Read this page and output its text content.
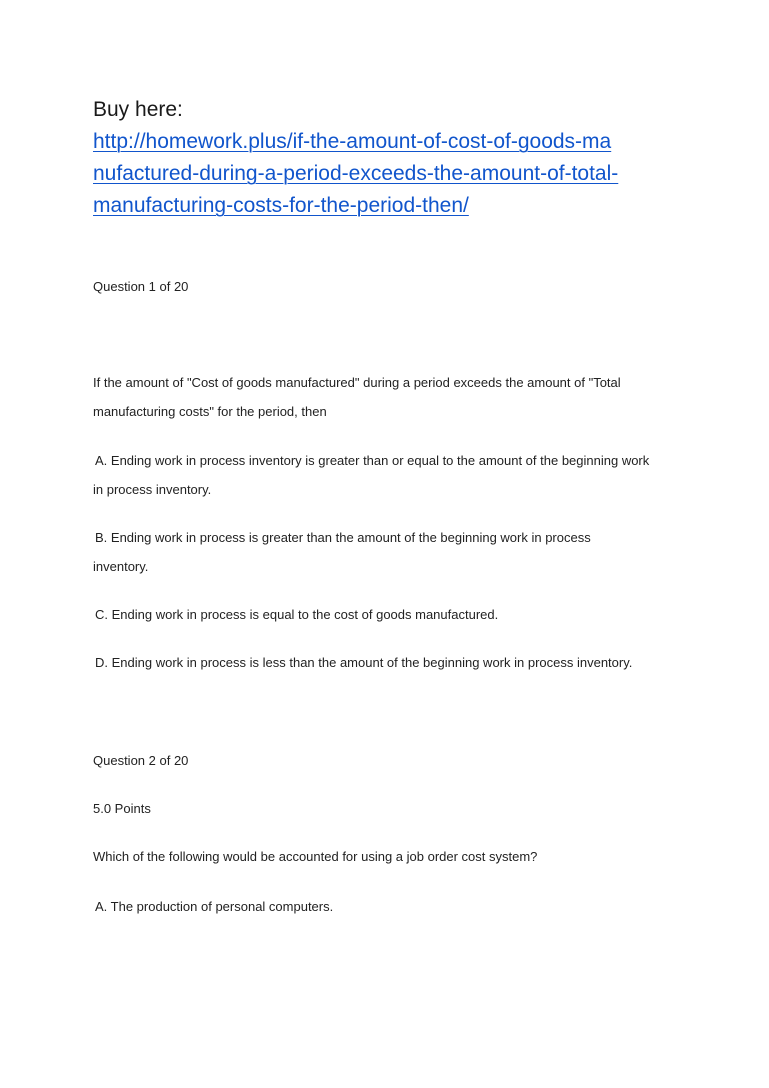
Buy here:
http://homework.plus/if-the-amount-of-cost-of-goods-ma
nufactured-during-a-period-exceeds-the-amount-of-total-
manufacturing-costs-for-the-period-then/
Question 1 of 20
If the amount of "Cost of goods manufactured" during a period exceeds the amount of "Total
manufacturing costs" for the period, then
A. Ending work in process inventory is greater than or equal to the amount of the beginning work
in process inventory.
B. Ending work in process is greater than the amount of the beginning work in process
inventory.
C. Ending work in process is equal to the cost of goods manufactured.
D. Ending work in process is less than the amount of the beginning work in process inventory.
Question 2 of 20
5.0 Points
Which of the following would be accounted for using a job order cost system?
A. The production of personal computers.
